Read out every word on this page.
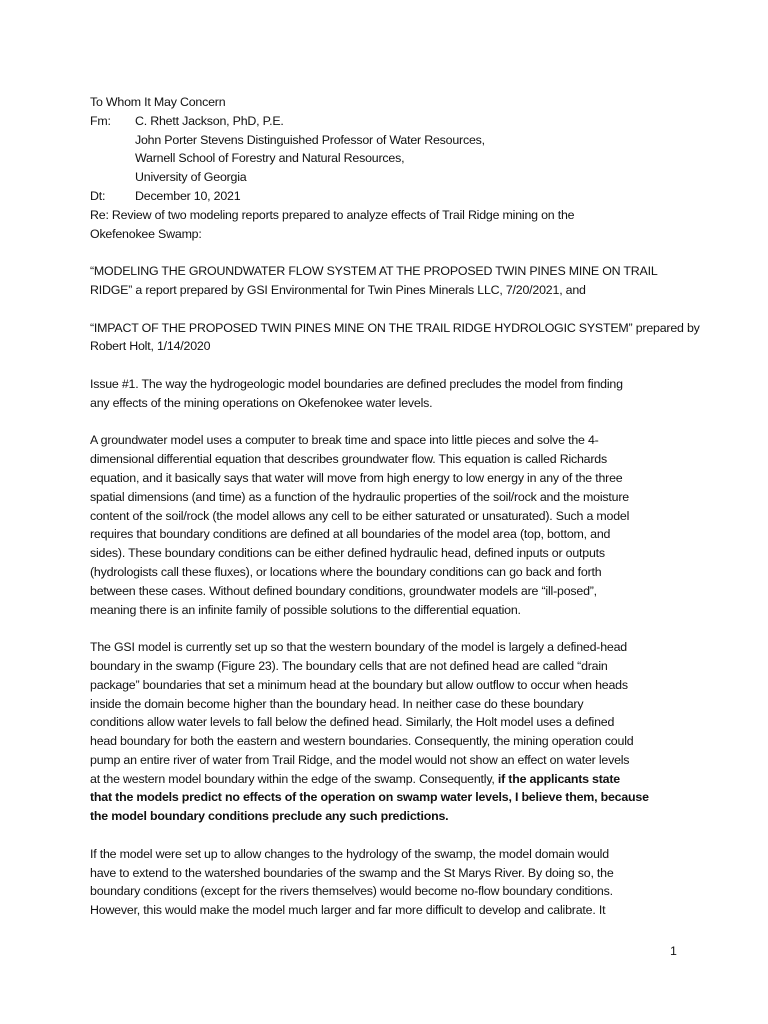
To Whom It May Concern
Fm:	C. Rhett Jackson, PhD, P.E.
John Porter Stevens Distinguished Professor of Water Resources,
Warnell School of Forestry and Natural Resources,
University of Georgia
Dt:	December 10, 2021
Re: Review of two modeling reports prepared to analyze effects of Trail Ridge mining on the
Okefenokee Swamp:
“MODELING THE GROUNDWATER FLOW SYSTEM AT THE PROPOSED TWIN PINES MINE ON TRAIL
RIDGE” a report prepared by GSI Environmental for Twin Pines Minerals LLC, 7/20/2021, and
“IMPACT OF THE PROPOSED TWIN PINES MINE ON THE TRAIL RIDGE HYDROLOGIC SYSTEM” prepared by
Robert Holt, 1/14/2020
Issue #1. The way the hydrogeologic model boundaries are defined precludes the model from finding
any effects of the mining operations on Okefenokee water levels.
A groundwater model uses a computer to break time and space into little pieces and solve the 4-
dimensional differential equation that describes groundwater flow. This equation is called Richards
equation, and it basically says that water will move from high energy to low energy in any of the three
spatial dimensions (and time) as a function of the hydraulic properties of the soil/rock and the moisture
content of the soil/rock (the model allows any cell to be either saturated or unsaturated). Such a model
requires that boundary conditions are defined at all boundaries of the model area (top, bottom, and
sides). These boundary conditions can be either defined hydraulic head, defined inputs or outputs
(hydrologists call these fluxes), or locations where the boundary conditions can go back and forth
between these cases. Without defined boundary conditions, groundwater models are “ill-posed”,
meaning there is an infinite family of possible solutions to the differential equation.
The GSI model is currently set up so that the western boundary of the model is largely a defined-head
boundary in the swamp (Figure 23). The boundary cells that are not defined head are called “drain
package” boundaries that set a minimum head at the boundary but allow outflow to occur when heads
inside the domain become higher than the boundary head. In neither case do these boundary
conditions allow water levels to fall below the defined head. Similarly, the Holt model uses a defined
head boundary for both the eastern and western boundaries. Consequently, the mining operation could
pump an entire river of water from Trail Ridge, and the model would not show an effect on water levels
at the western model boundary within the edge of the swamp. Consequently, if the applicants state
that the models predict no effects of the operation on swamp water levels, I believe them, because
the model boundary conditions preclude any such predictions.
If the model were set up to allow changes to the hydrology of the swamp, the model domain would
have to extend to the watershed boundaries of the swamp and the St Marys River. By doing so, the
boundary conditions (except for the rivers themselves) would become no-flow boundary conditions.
However, this would make the model much larger and far more difficult to develop and calibrate. It
1
